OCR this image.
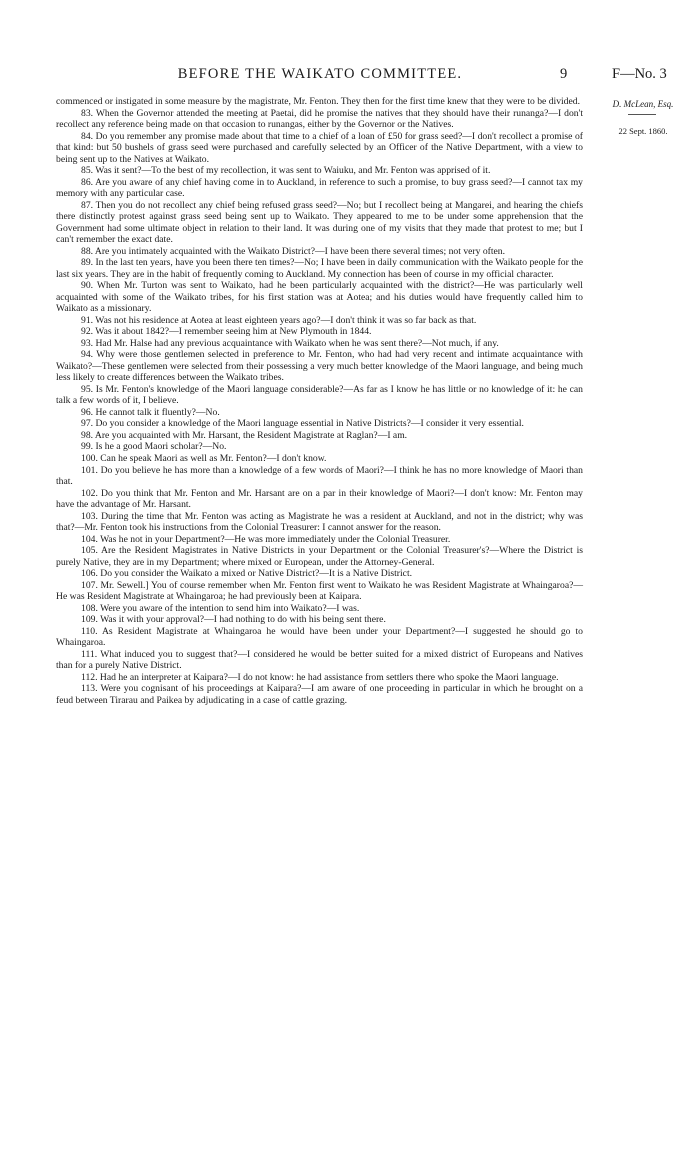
BEFORE THE WAIKATO COMMITTEE.	9	F—No. 3
D. McLean, Esq.
22 Sept. 1860.

commenced or instigated in some measure by the magistrate, Mr. Fenton. They then for the first time knew that they were to be divided.

83. When the Governor attended the meeting at Paetai, did he promise the natives that they should have their runanga?—I don't recollect any reference being made on that occasion to runangas, either by the Governor or the Natives.

84. Do you remember any promise made about that time to a chief of a loan of £50 for grass seed?—I don't recollect a promise of that kind: but 50 bushels of grass seed were purchased and carefully selected by an Officer of the Native Department, with a view to being sent up to the Natives at Waikato.

85. Was it sent?—To the best of my recollection, it was sent to Waiuku, and Mr. Fenton was apprised of it.

86. Are you aware of any chief having come in to Auckland, in reference to such a promise, to buy grass seed?—I cannot tax my memory with any particular case.

87. Then you do not recollect any chief being refused grass seed?—No; but I recollect being at Mangarei, and hearing the chiefs there distinctly protest against grass seed being sent up to Waikato. They appeared to me to be under some apprehension that the Government had some ultimate object in relation to their land. It was during one of my visits that they made that protest to me; but I can't remember the exact date.

88. Are you intimately acquainted with the Waikato District?—I have been there several times; not very often.

89. In the last ten years, have you been there ten times?—No; I have been in daily communication with the Waikato people for the last six years. They are in the habit of frequently coming to Auckland. My connection has been of course in my official character.

90. When Mr. Turton was sent to Waikato, had he been particularly acquainted with the district?—He was particularly well acquainted with some of the Waikato tribes, for his first station was at Aotea; and his duties would have frequently called him to Waikato as a missionary.

91. Was not his residence at Aotea at least eighteen years ago?—I don't think it was so far back as that.

92. Was it about 1842?—I remember seeing him at New Plymouth in 1844.

93. Had Mr. Halse had any previous acquaintance with Waikato when he was sent there?—Not much, if any.

94. Why were those gentlemen selected in preference to Mr. Fenton, who had had very recent and intimate acquaintance with Waikato?—These gentlemen were selected from their possessing a very much better knowledge of the Maori language, and being much less likely to create differences between the Waikato tribes.

95. Is Mr. Fenton's knowledge of the Maori language considerable?—As far as I know he has little or no knowledge of it: he can talk a few words of it, I believe.

96. He cannot talk it fluently?—No.

97. Do you consider a knowledge of the Maori language essential in Native Districts?—I consider it very essential.

98. Are you acquainted with Mr. Harsant, the Resident Magistrate at Raglan?—I am.

99. Is he a good Maori scholar?—No.

100. Can he speak Maori as well as Mr. Fenton?—I don't know.

101. Do you believe he has more than a knowledge of a few words of Maori?—I think he has no more knowledge of Maori than that.

102. Do you think that Mr. Fenton and Mr. Harsant are on a par in their knowledge of Maori?—I don't know: Mr. Fenton may have the advantage of Mr. Harsant.

103. During the time that Mr. Fenton was acting as Magistrate he was a resident at Auckland, and not in the district; why was that?—Mr. Fenton took his instructions from the Colonial Treasurer: I cannot answer for the reason.

104. Was he not in your Department?—He was more immediately under the Colonial Treasurer.

105. Are the Resident Magistrates in Native Districts in your Department or the Colonial Treasurer's?—Where the District is purely Native, they are in my Department; where mixed or European, under the Attorney-General.

106. Do you consider the Waikato a mixed or Native District?—It is a Native District.

107. Mr. Sewell.] You of course remember when Mr. Fenton first went to Waikato he was Resident Magistrate at Whaingaroa?—He was Resident Magistrate at Whaingaroa; he had previously been at Kaipara.

108. Were you aware of the intention to send him into Waikato?—I was.

109. Was it with your approval?—I had nothing to do with his being sent there.

110. As Resident Magistrate at Whaingaroa he would have been under your Department?—I suggested he should go to Whaingaroa.

111. What induced you to suggest that?—I considered he would be better suited for a mixed district of Europeans and Natives than for a purely Native District.

112. Had he an interpreter at Kaipara?—I do not know: he had assistance from settlers there who spoke the Maori language.

113. Were you cognisant of his proceedings at Kaipara?—I am aware of one proceeding in particular in which he brought on a feud between Tirarau and Paikea by adjudicating in a case of cattle grazing.
